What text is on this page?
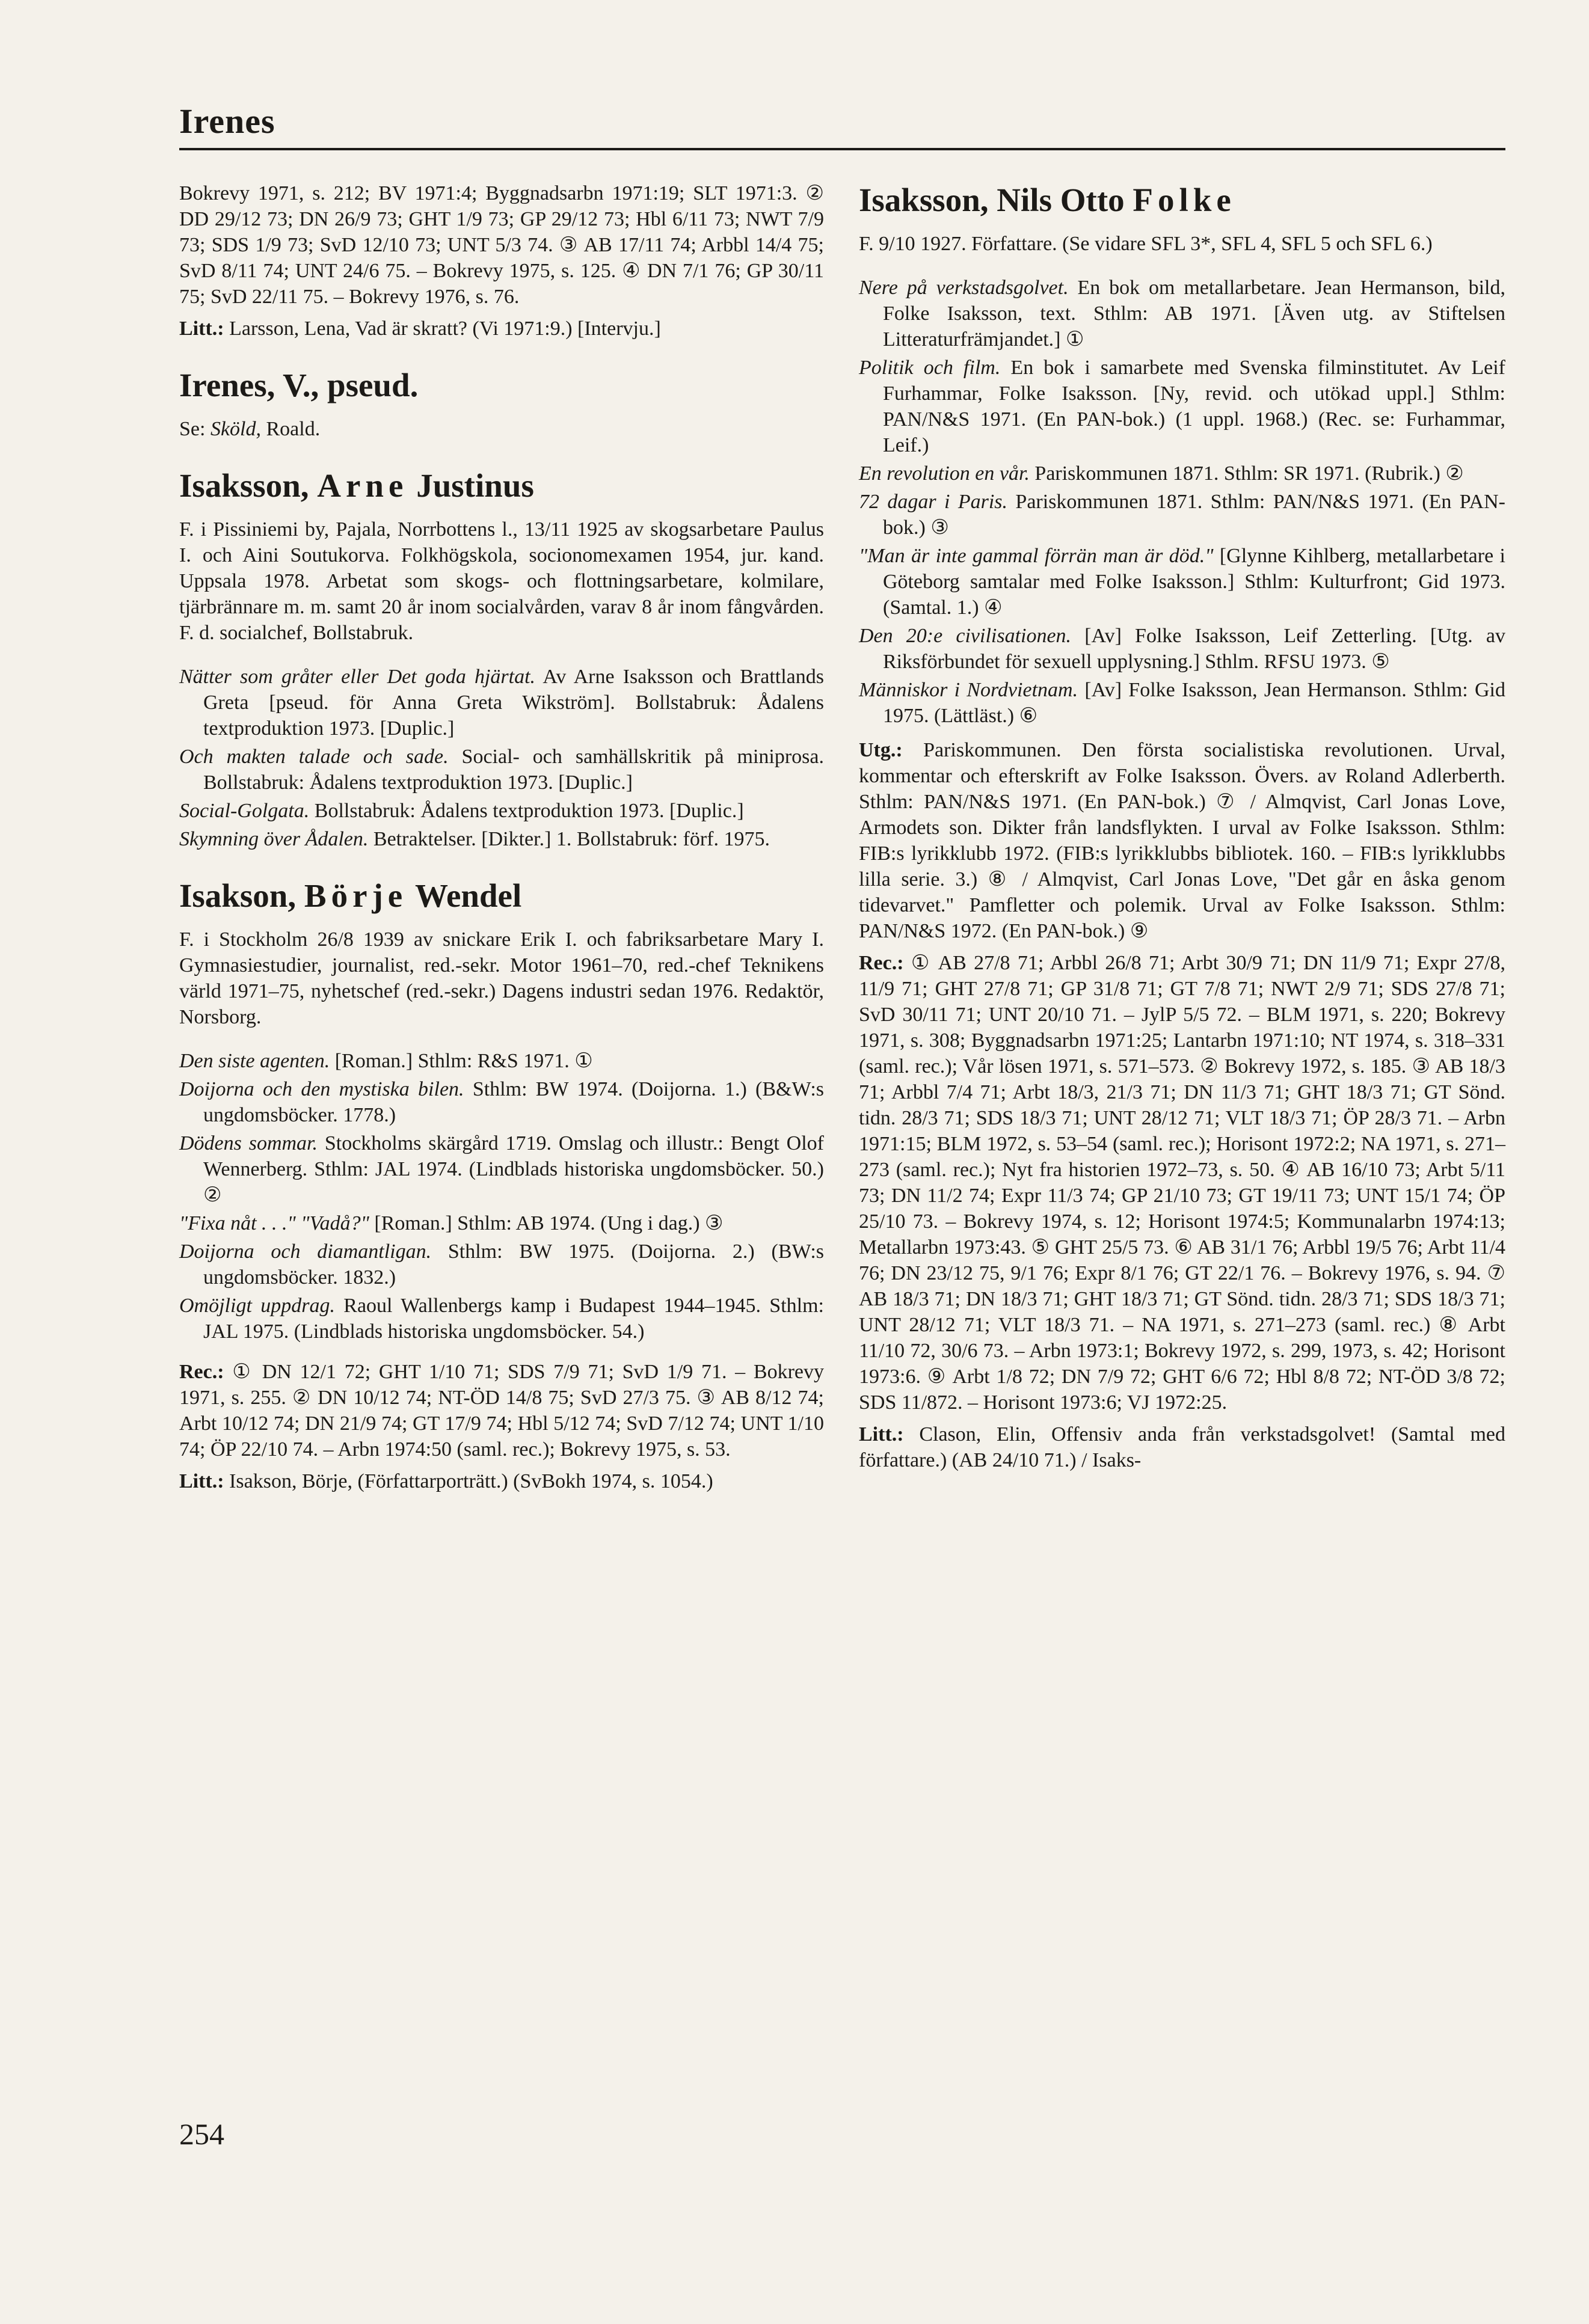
Irenes

Bokrevy 1971, s. 212; BV 1971:4; Byggnadsarbn 1971:19; SLT 1971:3. ② DD 29/12 73; DN 26/9 73; GHT 1/9 73; GP 29/12 73; Hbl 6/11 73; NWT 7/9 73; SDS 1/9 73; SvD 12/10 73; UNT 5/3 74. ③ AB 17/11 74; Arbbl 14/4 75; SvD 8/11 74; UNT 24/6 75. – Bokrevy 1975, s. 125. ④ DN 7/1 76; GP 30/11 75; SvD 22/11 75. – Bokrevy 1976, s. 76.

Litt.: Larsson, Lena, Vad är skratt? (Vi 1971:9.) [Intervju.]

Irenes, V., pseud.

Se: Sköld, Roald.

Isaksson, Arne Justinus

F. i Pissiniemi by, Pajala, Norrbottens l., 13/11 1925 av skogsarbetare Paulus I. och Aini Soutukorva. Folkhögskola, socionomexamen 1954, jur. kand. Uppsala 1978. Arbetat som skogs- och flottningsarbetare, kolmilare, tjärbrännare m. m. samt 20 år inom socialvården, varav 8 år inom fångvården. F. d. socialchef, Bollstabruk.

Nätter som gråter eller Det goda hjärtat. Av Arne Isaksson och Brattlands Greta [pseud. för Anna Greta Wikström]. Bollstabruk: Ådalens textproduktion 1973. [Duplic.]

Och makten talade och sade. Social- och samhällskritik på miniprosa. Bollstabruk: Ådalens textproduktion 1973. [Duplic.]

Social-Golgata. Bollstabruk: Ådalens textproduktion 1973. [Duplic.]

Skymning över Ådalen. Betraktelser. [Dikter.] 1. Bollstabruk: förf. 1975.

Isakson, Börje Wendel

F. i Stockholm 26/8 1939 av snickare Erik I. och fabriksarbetare Mary I. Gymnasiestudier, journalist, red.-sekr. Motor 1961–70, red.-chef Teknikens värld 1971–75, nyhetschef (red.-sekr.) Dagens industri sedan 1976. Redaktör, Norsborg.

Den siste agenten. [Roman.] Sthlm: R&S 1971. ①

Doijorna och den mystiska bilen. Sthlm: BW 1974. (Doijorna. 1.) (B&W:s ungdomsböcker. 1778.)

Dödens sommar. Stockholms skärgård 1719. Omslag och illustr.: Bengt Olof Wennerberg. Sthlm: JAL 1974. (Lindblads historiska ungdomsböcker. 50.) ②

"Fixa nåt . . ." "Vadå?" [Roman.] Sthlm: AB 1974. (Ung i dag.) ③

Doijorna och diamantligan. Sthlm: BW 1975. (Doijorna. 2.) (BW:s ungdomsböcker. 1832.)

Omöjligt uppdrag. Raoul Wallenbergs kamp i Budapest 1944–1945. Sthlm: JAL 1975. (Lindblads historiska ungdomsböcker. 54.)

Rec.: ① DN 12/1 72; GHT 1/10 71; SDS 7/9 71; SvD 1/9 71. – Bokrevy 1971, s. 255. ② DN 10/12 74; NT-ÖD 14/8 75; SvD 27/3 75. ③ AB 8/12 74; Arbt 10/12 74; DN 21/9 74; GT 17/9 74; Hbl 5/12 74; SvD 7/12 74; UNT 1/10 74; ÖP 22/10 74. – Arbn 1974:50 (saml. rec.); Bokrevy 1975, s. 53.

Litt.: Isakson, Börje, (Författarporträtt.) (SvBokh 1974, s. 1054.)

Isaksson, Nils Otto Folke

F. 9/10 1927. Författare. (Se vidare SFL 3*, SFL 4, SFL 5 och SFL 6.)

Nere på verkstadsgolvet. En bok om metallarbetare. Jean Hermanson, bild, Folke Isaksson, text. Sthlm: AB 1971. [Även utg. av Stiftelsen Litteraturfrämjandet.] ①

Politik och film. En bok i samarbete med Svenska filminstitutet. Av Leif Furhammar, Folke Isaksson. [Ny, revid. och utökad uppl.] Sthlm: PAN/N&S 1971. (En PAN-bok.) (1 uppl. 1968.) (Rec. se: Furhammar, Leif.)

En revolution en vår. Pariskommunen 1871. Sthlm: SR 1971. (Rubrik.) ②

72 dagar i Paris. Pariskommunen 1871. Sthlm: PAN/N&S 1971. (En PAN-bok.) ③

"Man är inte gammal förrän man är död." [Glynne Kihlberg, metallarbetare i Göteborg samtalar med Folke Isaksson.] Sthlm: Kulturfront; Gid 1973. (Samtal. 1.) ④

Den 20:e civilisationen. [Av] Folke Isaksson, Leif Zetterling. [Utg. av Riksförbundet för sexuell upplysning.] Sthlm. RFSU 1973. ⑤

Människor i Nordvietnam. [Av] Folke Isaksson, Jean Hermanson. Sthlm: Gid 1975. (Lättläst.) ⑥

Utg.: Pariskommunen. Den första socialistiska revolutionen. Urval, kommentar och efterskrift av Folke Isaksson. Övers. av Roland Adlerberth. Sthlm: PAN/N&S 1971. (En PAN-bok.) ⑦ / Almqvist, Carl Jonas Love, Armodets son. Dikter från landsflykten. I urval av Folke Isaksson. Sthlm: FIB:s lyrikklubb 1972. (FIB:s lyrikklubbs bibliotek. 160. – FIB:s lyrikklubbs lilla serie. 3.) ⑧ / Almqvist, Carl Jonas Love, "Det går en åska genom tidevarvet." Pamfletter och polemik. Urval av Folke Isaksson. Sthlm: PAN/N&S 1972. (En PAN-bok.) ⑨

Rec.: ① AB 27/8 71; Arbbl 26/8 71; Arbt 30/9 71; DN 11/9 71; Expr 27/8, 11/9 71; GHT 27/8 71; GP 31/8 71; GT 7/8 71; NWT 2/9 71; SDS 27/8 71; SvD 30/11 71; UNT 20/10 71. – JylP 5/5 72. – BLM 1971, s. 220; Bokrevy 1971, s. 308; Byggnadsarbn 1971:25; Lantarbn 1971:10; NT 1974, s. 318–331 (saml. rec.); Vår lösen 1971, s. 571–573. ② Bokrevy 1972, s. 185. ③ AB 18/3 71; Arbbl 7/4 71; Arbt 18/3, 21/3 71; DN 11/3 71; GHT 18/3 71; GT Sönd. tidn. 28/3 71; SDS 18/3 71; UNT 28/12 71; VLT 18/3 71; ÖP 28/3 71. – Arbn 1971:15; BLM 1972, s. 53–54 (saml. rec.); Horisont 1972:2; NA 1971, s. 271–273 (saml. rec.); Nyt fra historien 1972–73, s. 50. ④ AB 16/10 73; Arbt 5/11 73; DN 11/2 74; Expr 11/3 74; GP 21/10 73; GT 19/11 73; UNT 15/1 74; ÖP 25/10 73. – Bokrevy 1974, s. 12; Horisont 1974:5; Kommunalarbn 1974:13; Metallarbn 1973:43. ⑤ GHT 25/5 73. ⑥ AB 31/1 76; Arbbl 19/5 76; Arbt 11/4 76; DN 23/12 75, 9/1 76; Expr 8/1 76; GT 22/1 76. – Bokrevy 1976, s. 94. ⑦ AB 18/3 71; DN 18/3 71; GHT 18/3 71; GT Sönd. tidn. 28/3 71; SDS 18/3 71; UNT 28/12 71; VLT 18/3 71. – NA 1971, s. 271–273 (saml. rec.) ⑧ Arbt 11/10 72, 30/6 73. – Arbn 1973:1; Bokrevy 1972, s. 299, 1973, s. 42; Horisont 1973:6. ⑨ Arbt 1/8 72; DN 7/9 72; GHT 6/6 72; Hbl 8/8 72; NT-ÖD 3/8 72; SDS 11/872. – Horisont 1973:6; VJ 1972:25.

Litt.: Clason, Elin, Offensiv anda från verkstadsgolvet! (Samtal med författare.) (AB 24/10 71.) / Isaks-

254
